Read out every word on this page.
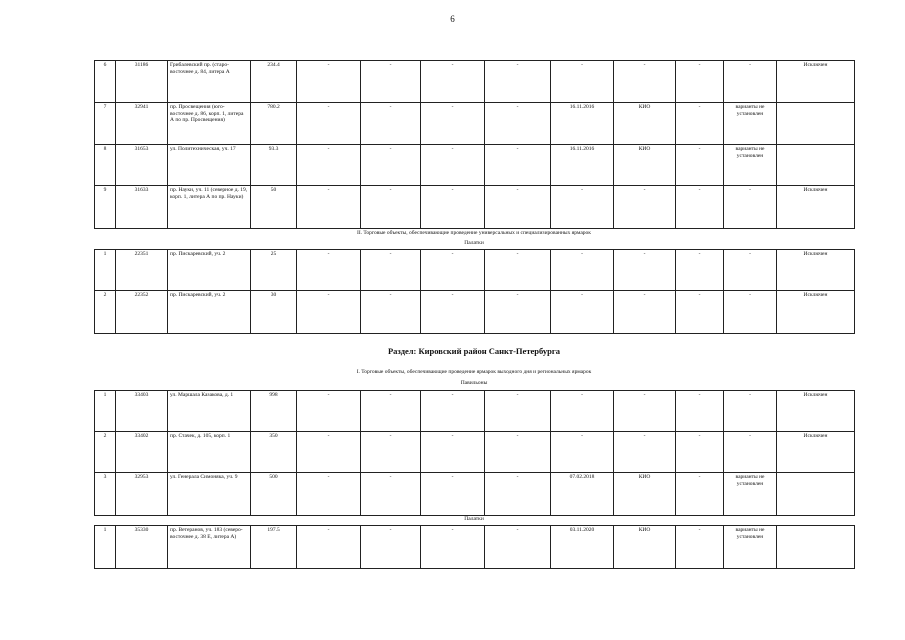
6
6	31186	Грибалевский пр. (старо-восточнее д. 84, литера А	234.4	-	-	-	-	-	-	-	-	Исключен
7	32941	пр. Просвещения (юго-восточнее д. 86, корп. 1, литера А по пр. Просвещения)	780.2	-	-	-	-	16.11.2016	КИО	-	варианты не установлен	
8	31653	ул. Политехническая, уч. 17	93.3	-	-	-	-	16.11.2016	КИО	-	варианты не установлен	
9	31633	пр. Науки, уч. 11 (северное д. 19, корп. 1, литера А по пр. Науки)	50	-	-	-	-	-	-	-	-	Исключен
II. Торговые объекты, обеспечивающие проведение универсальных и специализированных ярмарок
Палатки
1	22351	пр. Пискаревский, уч. 2	25	-	-	-	-	-	-	-	-	Исключен
2	22352	пр. Пискаревский, уч. 2	30	-	-	-	-	-	-	-	-	Исключен
Раздел: Кировский район Санкт-Петербурга
I. Торговые объекты, обеспечивающие проведение ярмарок выходного дня и региональных ярмарок
Павильоны
1	33403	ул. Маршала Казакова, д. 1	998	-	-	-	-	-	-	-	-	Исключен
2	33402	пр. Стачек, д. 105, корп. 1	350	-	-	-	-	-	-	-	-	Исключен
3	32953	ул. Генерала Симоняка, уч. 9	500	-	-	-	-	07.02.2018	КИО	-	варианты не установлен	
Палатки
1	35330	пр. Ветеранов, уч. 183 (северо-восточнее д. 38 Е, литера А)	197.5	-	-	-	-	03.11.2020	КИО	-	варианты не установлен	
